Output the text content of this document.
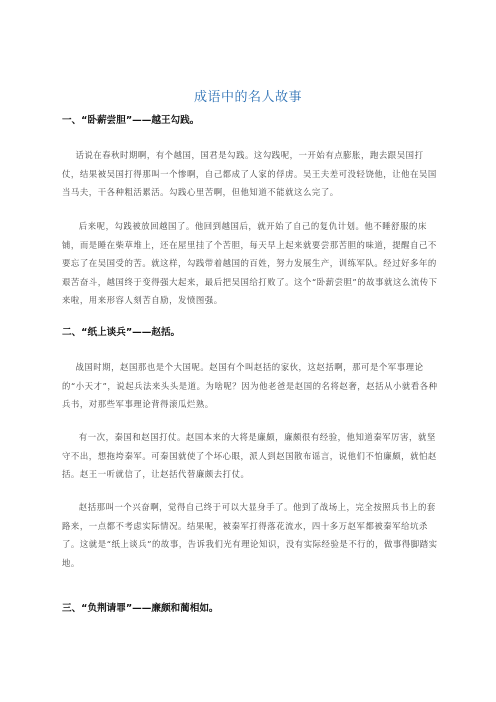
成语中的名人故事
一、“卧薪尝胆”——越王勾践。

话说在春秋时期啊，有个越国，国君是勾践。这勾践呢，一开始有点膨胀，跑去跟吴国打仗，结果被吴国打得那叫一个惨啊，自己都成了人家的俘虏。吴王夫差可没轻饶他，让他在吴国当马夫，干各种粗活累活。勾践心里苦啊，但他知道不能就这么完了。

后来呢，勾践被放回越国了。他回到越国后，就开始了自己的复仇计划。他不睡舒服的床铺，而是睡在柴草堆上，还在屋里挂了个苦胆，每天早上起来就要尝那苦胆的味道，提醒自己不要忘了在吴国受的苦。就这样，勾践带着越国的百姓，努力发展生产，训练军队。经过好多年的艰苦奋斗，越国终于变得强大起来，最后把吴国给打败了。这个“卧薪尝胆”的故事就这么流传下来啦，用来形容人刻苦自励，发愤图强。

二、“纸上谈兵”——赵括。

战国时期，赵国那也是个大国呢。赵国有个叫赵括的家伙，这赵括啊，那可是个军事理论的“小天才”，说起兵法来头头是道。为啥呢？因为他老爸是赵国的名将赵奢，赵括从小就看各种兵书，对那些军事理论背得滚瓜烂熟。

有一次，秦国和赵国打仗。赵国本来的大将是廉颇，廉颇很有经验，他知道秦军厉害，就坚守不出，想拖垮秦军。可秦国就使了个坏心眼，派人到赵国散布谣言，说他们不怕廉颇，就怕赵括。赵王一听就信了，让赵括代替廉颇去打仗。

赵括那叫一个兴奋啊，觉得自己终于可以大显身手了。他到了战场上，完全按照兵书上的套路来，一点都不考虑实际情况。结果呢，被秦军打得落花流水，四十多万赵军都被秦军给坑杀了。这就是“纸上谈兵”的故事，告诉我们光有理论知识，没有实际经验是不行的，做事得脚踏实地。

三、“负荆请罪”——廉颇和蔺相如。
